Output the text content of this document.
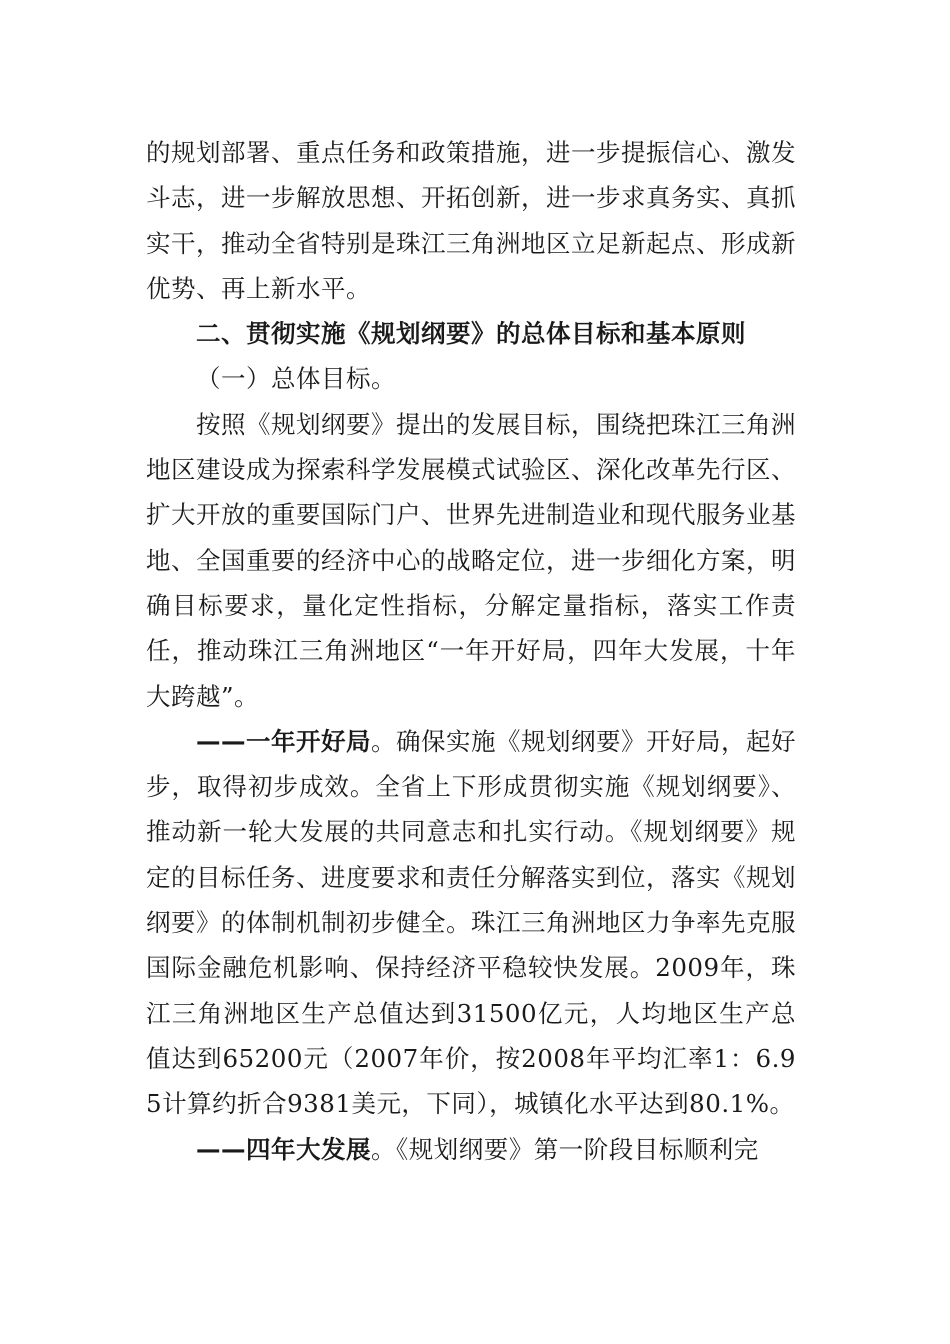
的规划部署、重点任务和政策措施，进一步提振信心、激发斗志，进一步解放思想、开拓创新，进一步求真务实、真抓实干，推动全省特别是珠江三角洲地区立足新起点、形成新优势、再上新水平。

二、贯彻实施《规划纲要》的总体目标和基本原则

（一）总体目标。

按照《规划纲要》提出的发展目标，围绕把珠江三角洲地区建设成为探索科学发展模式试验区、深化改革先行区、扩大开放的重要国际门户、世界先进制造业和现代服务业基地、全国重要的经济中心的战略定位，进一步细化方案，明确目标要求，量化定性指标，分解定量指标，落实工作责任，推动珠江三角洲地区“一年开好局，四年大发展，十年大跨越”。

——一年开好局。确保实施《规划纲要》开好局，起好步，取得初步成效。全省上下形成贯彻实施《规划纲要》、推动新一轮大发展的共同意志和扎实行动。《规划纲要》规定的目标任务、进度要求和责任分解落实到位，落实《规划纲要》的体制机制初步健全。珠江三角洲地区力争率先克服国际金融危机影响、保持经济平稳较快发展。2009年，珠江三角洲地区生产总值达到31500亿元，人均地区生产总值达到65200元（2007年价，按2008年平均汇率1：6.95计算约折合9381美元，下同），城镇化水平达到80.1%。

——四年大发展。《规划纲要》第一阶段目标顺利完
